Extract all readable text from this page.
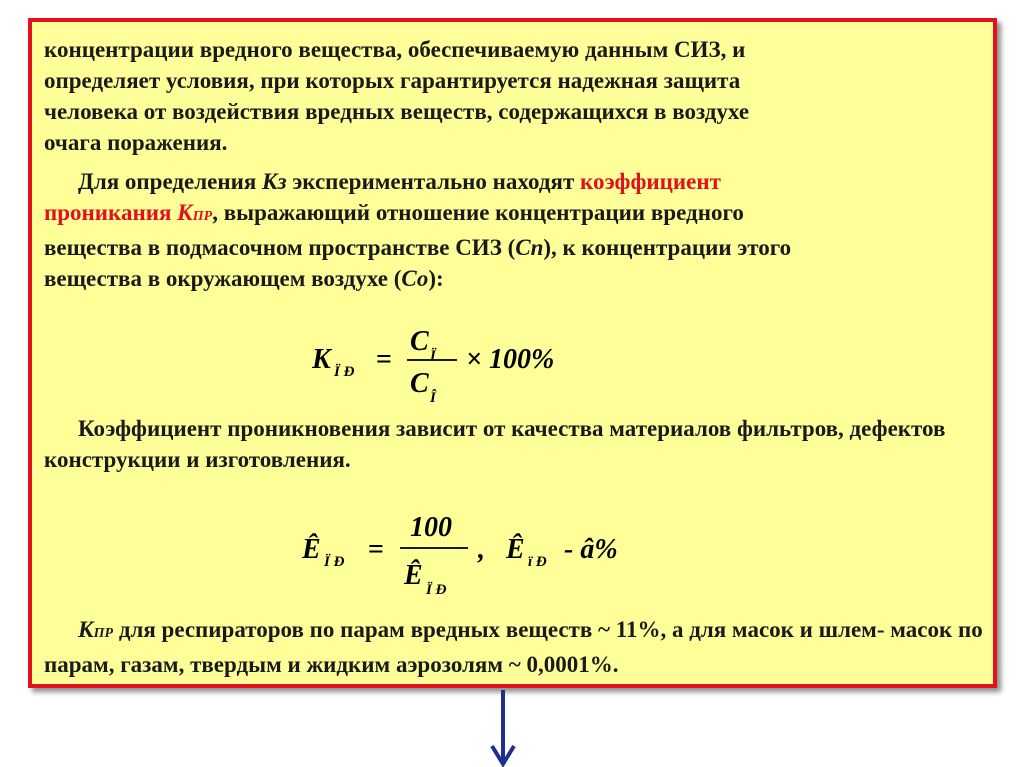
концентрации вредного вещества, обеспечиваемую данным СИЗ, и
определяет условия, при которых гарантируется надежная защита
человека от воздействия вредных веществ, содержащихся в воздухе
очага поражения.
Для определения Кз экспериментально находят коэффициент
проникания КПР, выражающий отношение концентрации вредного
вещества в подмасочном пространстве СИЗ (Сп), к концентрации этого
вещества в окружающем воздухе (Со):
K Ï Ð =
C Ï
C Î
× 100%
Коэффициент проникновения зависит от качества материалов фильтров, дефектов конструкции и изготовления.
Ê Ï Ð =
100
Ê Ï Ð
, Ê ï Ð - â%
КПР для респираторов по парам вредных веществ ~ 11%, а для масок и шлем- масок по парам, газам, твердым и жидким аэрозолям ~ 0,0001%.
